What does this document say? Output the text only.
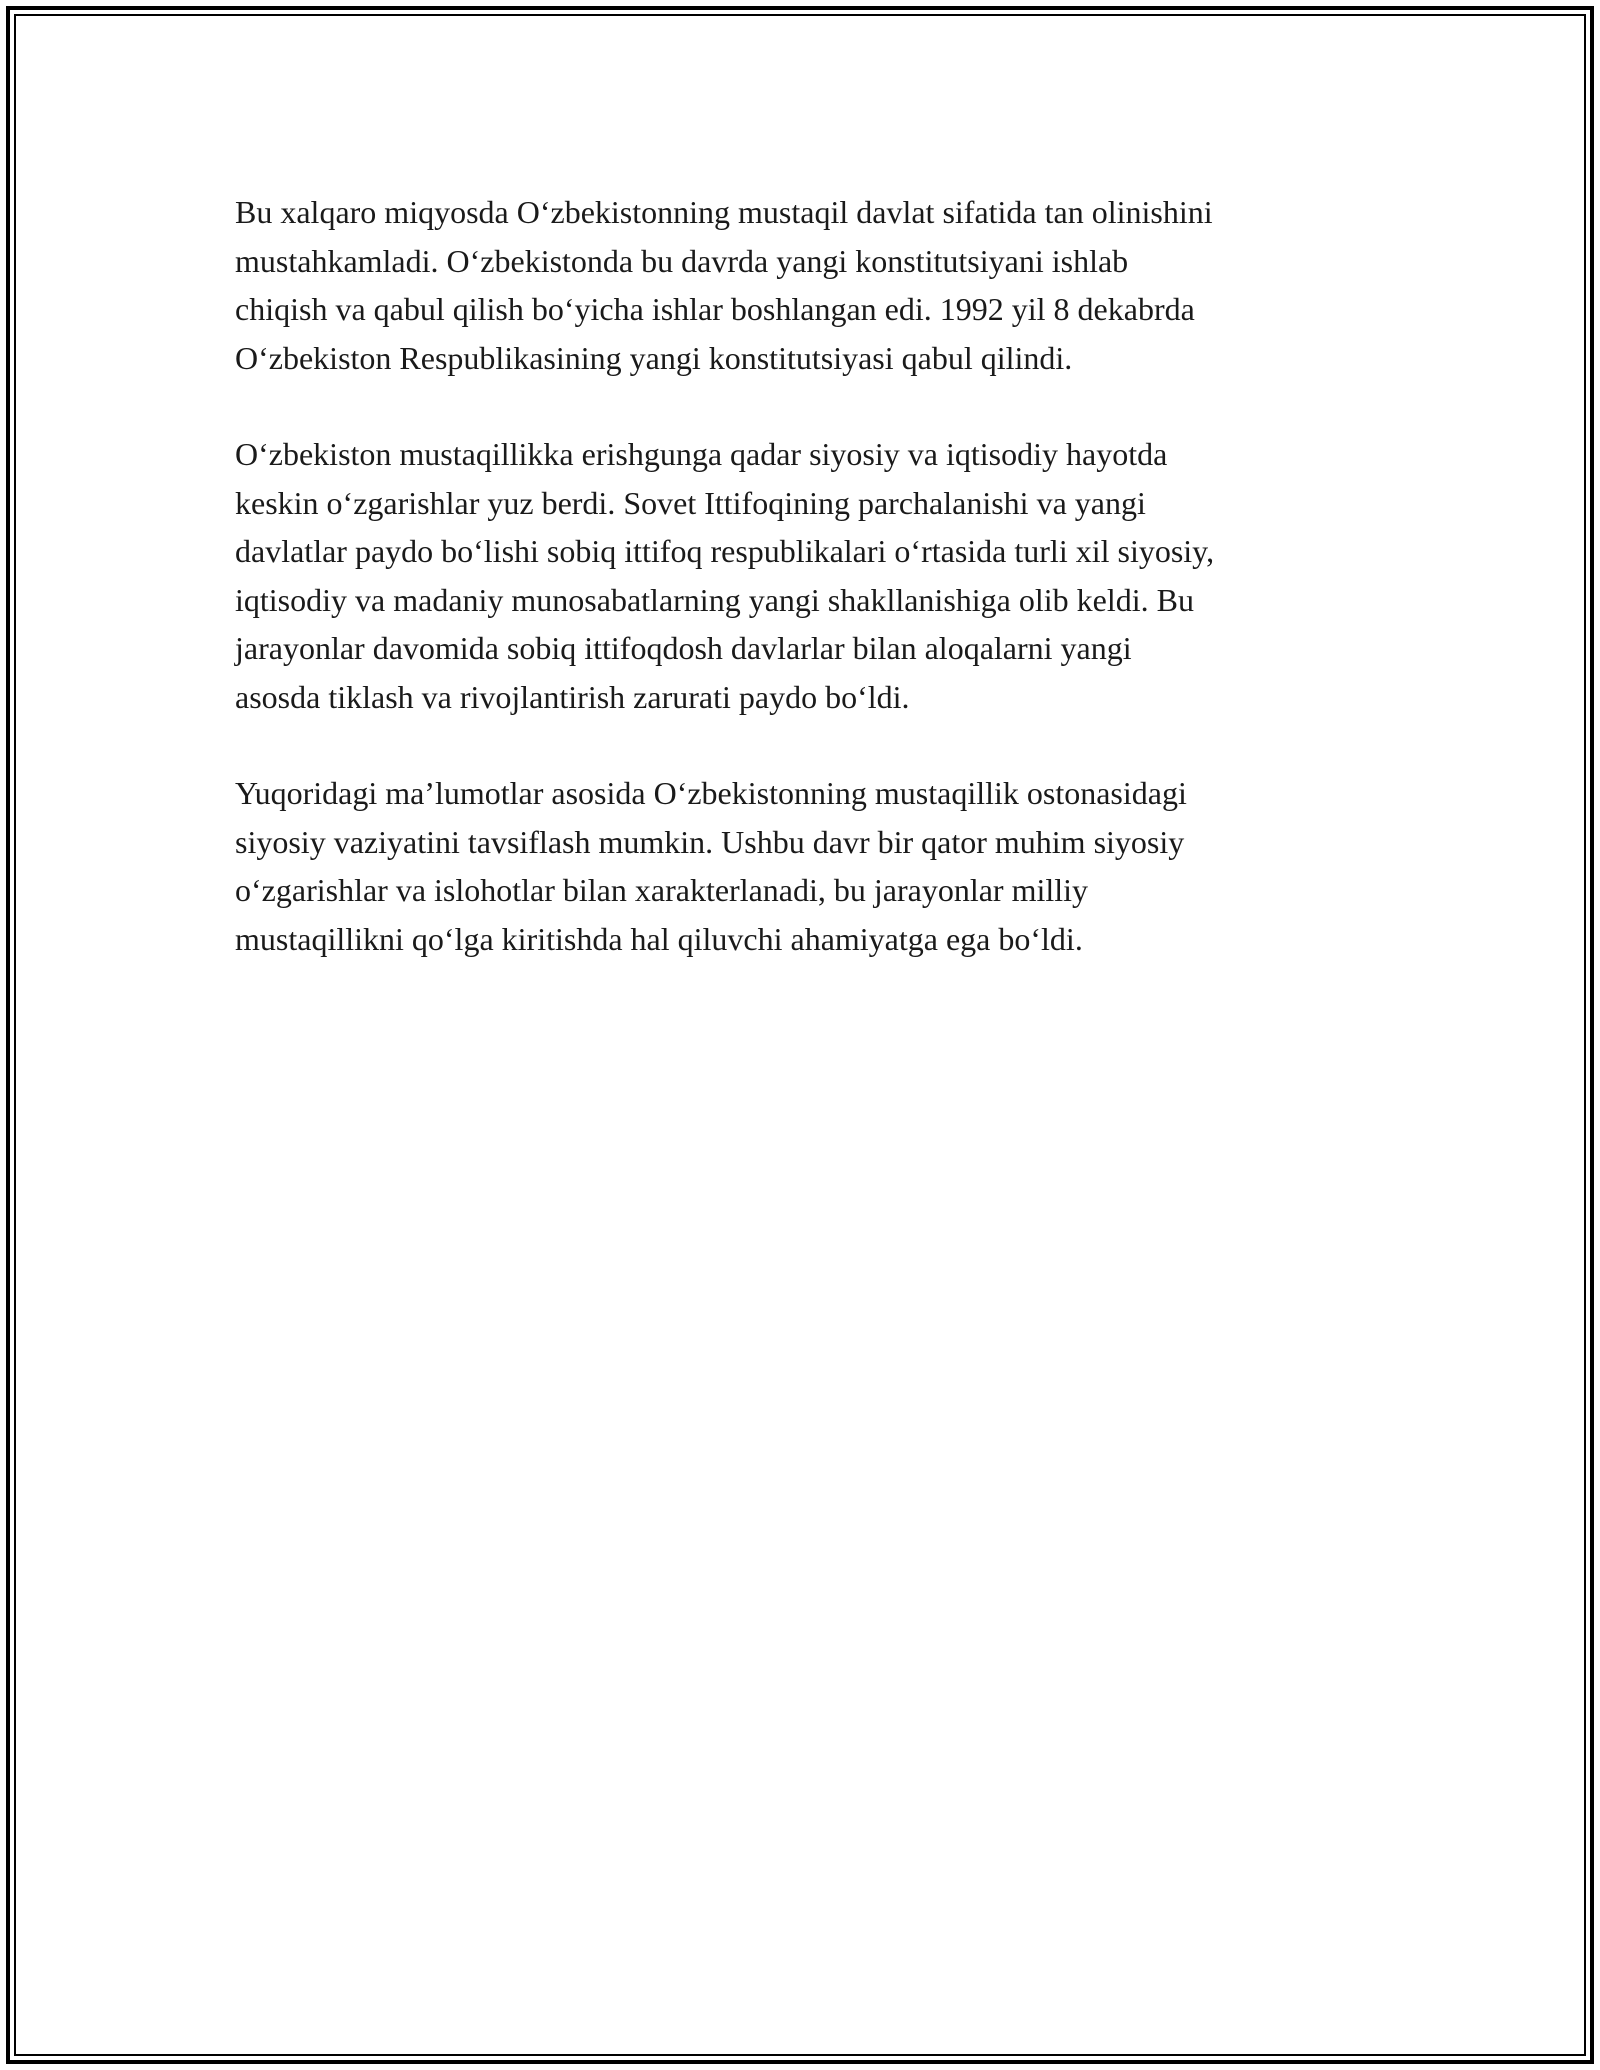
Bu xalqaro miqyosda O‘zbekistonning mustaqil davlat sifatida tan olinishini
mustahkamladi. O‘zbekistonda bu davrda yangi konstitutsiyani ishlab
chiqish va qabul qilish bo‘yicha ishlar boshlangan edi. 1992 yil 8 dekabrda
O‘zbekiston Respublikasining yangi konstitutsiyasi qabul qilindi.

O‘zbekiston mustaqillikka erishgunga qadar siyosiy va iqtisodiy hayotda
keskin o‘zgarishlar yuz berdi. Sovet Ittifoqining parchalanishi va yangi
davlatlar paydo bo‘lishi sobiq ittifoq respublikalari o‘rtasida turli xil siyosiy,
iqtisodiy va madaniy munosabatlarning yangi shakllanishiga olib keldi. Bu
jarayonlar davomida sobiq ittifoqdosh davlarlar bilan aloqalarni yangi
asosda tiklash va rivojlantirish zarurati paydo bo‘ldi.

Yuqoridagi ma’lumotlar asosida O‘zbekistonning mustaqillik ostonasidagi
siyosiy vaziyatini tavsiflash mumkin. Ushbu davr bir qator muhim siyosiy
o‘zgarishlar va islohotlar bilan xarakterlanadi, bu jarayonlar milliy
mustaqillikni qo‘lga kiritishda hal qiluvchi ahamiyatga ega bo‘ldi.
